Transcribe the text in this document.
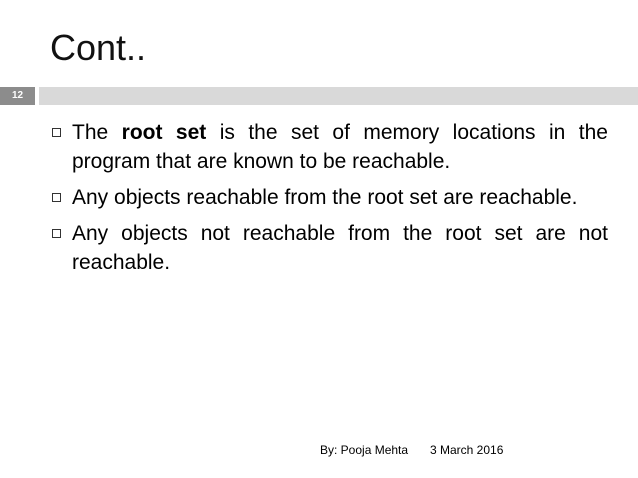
Cont..
12
The root set is the set of memory locations in the program that are known to be reachable.
Any objects reachable from the root set are reachable.
Any objects not reachable from the root set are not reachable.
By: Pooja Mehta 3 March 2016
